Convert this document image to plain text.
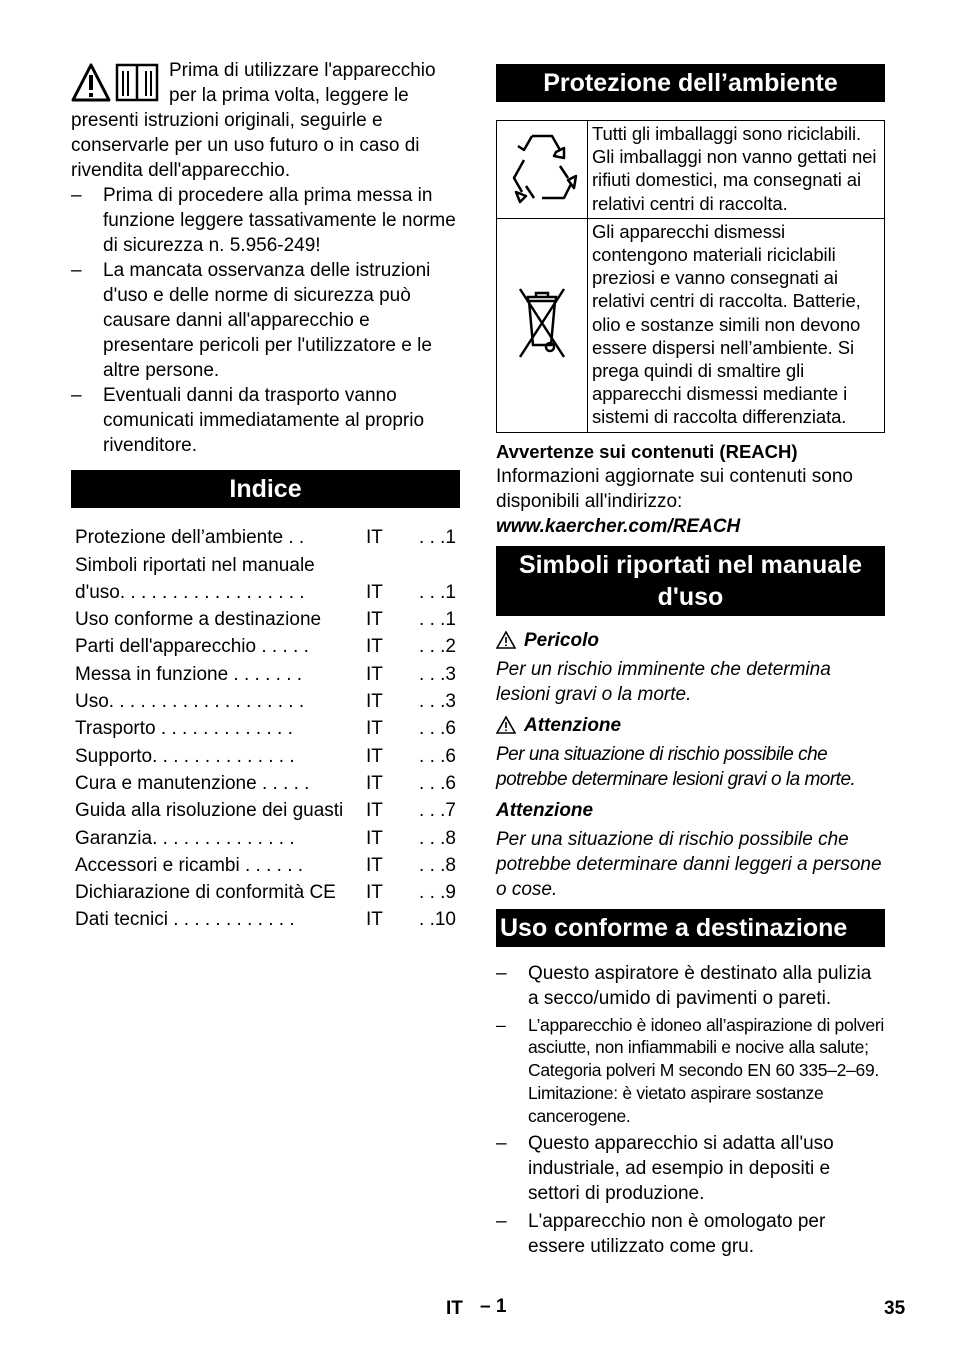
Prima di utilizzare l'apparecchio per la prima volta, leggere le presenti istruzioni originali, seguirle e conservarle per un uso futuro o in caso di rivendita dell'apparecchio.
– Prima di procedere alla prima messa in funzione leggere tassativamente le norme di sicurezza n. 5.956-249!
– La mancata osservanza delle istruzioni d'uso e delle norme di sicurezza può causare danni all'apparecchio e presentare pericoli per l'utilizzatore e le altre persone.
– Eventuali danni da trasporto vanno comunicati immediatamente al proprio rivenditore.
Indice
Protezione dell’ambiente . .	IT	. . .1
Simboli riportati nel manuale		
d'uso. . . . . . . . . . . . . . . . . .	IT	. . .1
Uso conforme a destinazione	IT	. . .1
Parti dell'apparecchio . . . . .	IT	. . .2
Messa in funzione . . . . . . .	IT	. . .3
Uso. . . . . . . . . . . . . . . . . . .	IT	. . .3
Trasporto . . . . . . . . . . . . .	IT	. . .6
Supporto. . . . . . . . . . . . . .	IT	. . .6
Cura e manutenzione . . . . .	IT	. . .6
Guida alla risoluzione dei guasti	IT	. . .7
Garanzia. . . . . . . . . . . . . .	IT	. . .8
Accessori e ricambi . . . . . .	IT	. . .8
Dichiarazione di conformità CE	IT	. . .9
Dati tecnici . . . . . . . . . . . .	IT	. .10
Protezione dell’ambiente
	Tutti gli imballaggi sono riciclabili. Gli imballaggi non vanno gettati nei rifiuti domestici, ma consegnati ai relativi centri di raccolta.
	Gli apparecchi dismessi contengono materiali riciclabili preziosi e vanno consegnati ai relativi centri di raccolta. Batterie, olio e sostanze simili non devono essere dispersi nell’ambiente. Si prega quindi di smaltire gli apparecchi dismessi mediante i sistemi di raccolta differenziata.
Avvertenze sui contenuti (REACH)
Informazioni aggiornate sui contenuti sono disponibili all'indirizzo:
www.kaercher.com/REACH
Simboli riportati nel manuale d'uso
Pericolo
Per un rischio imminente che determina lesioni gravi o la morte.
Attenzione
Per una situazione di rischio possibile che potrebbe determinare lesioni gravi o la morte.
Attenzione
Per una situazione di rischio possibile che potrebbe determinare danni leggeri a persone o cose.
Uso conforme a destinazione
– Questo aspiratore è destinato alla pulizia a secco/umido di pavimenti o pareti.
– L’apparecchio è idoneo all’aspirazione di polveri asciutte, non infiammabili e nocive alla salute; Categoria polveri M secondo EN 60 335–2–69. Limitazione: è vietato aspirare sostanze cancerogene.
– Questo apparecchio si adatta all'uso industriale, ad esempio in depositi e settori di produzione.
– L'apparecchio non è omologato per essere utilizzato come gru.
IT – 1	35
